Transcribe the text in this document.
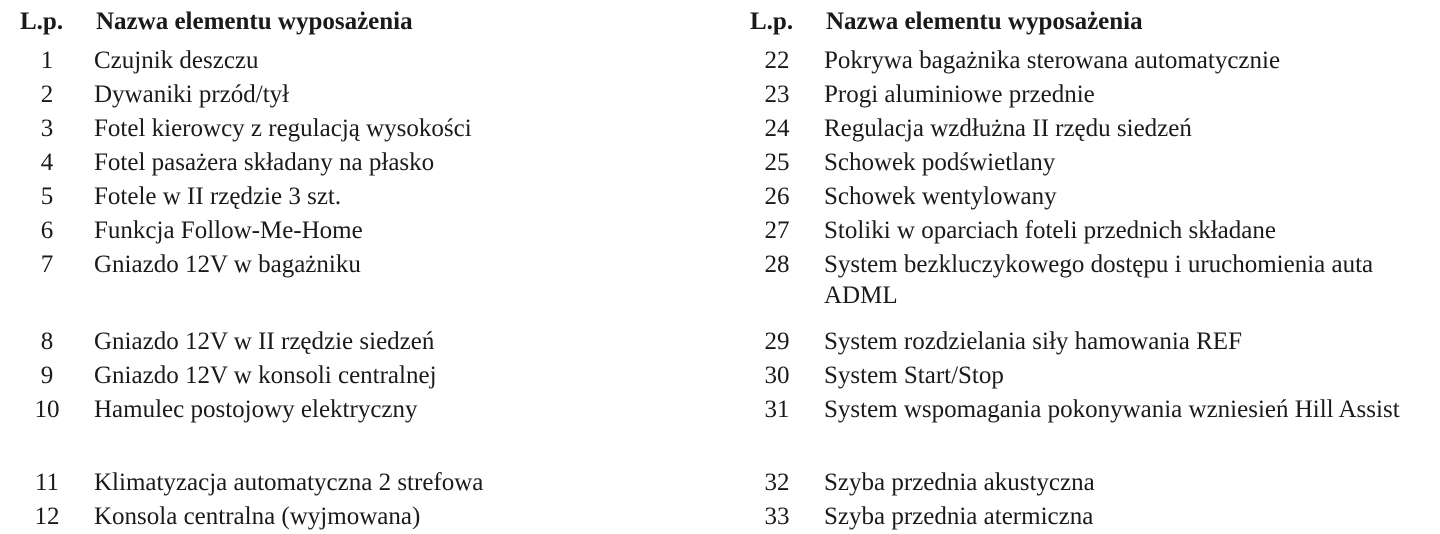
L.p.	Nazwa elementu wyposażenia
1	Czujnik deszczu
2	Dywaniki przód/tył
3	Fotel kierowcy z regulacją wysokości
4	Fotel pasażera składany na płasko
5	Fotele w II rzędzie 3 szt.
6	Funkcja Follow-Me-Home
7	Gniazdo 12V w bagażniku
8	Gniazdo 12V w II rzędzie siedzeń
9	Gniazdo 12V w konsoli centralnej
10	Hamulec postojowy elektryczny
11	Klimatyzacja automatyczna 2 strefowa
12	Konsola centralna (wyjmowana)
L.p.	Nazwa elementu wyposażenia
22	Pokrywa bagażnika sterowana automatycznie
23	Progi aluminiowe przednie
24	Regulacja wzdłużna II rzędu siedzeń
25	Schowek podświetlany
26	Schowek wentylowany
27	Stoliki w oparciach foteli przednich składane
28	System bezkluczykowego dostępu i uruchomienia auta ADML
29	System rozdzielania siły hamowania REF
30	System Start/Stop
31	System wspomagania pokonywania wzniesień Hill Assist
32	Szyba przednia akustyczna
33	Szyba przednia atermiczna
